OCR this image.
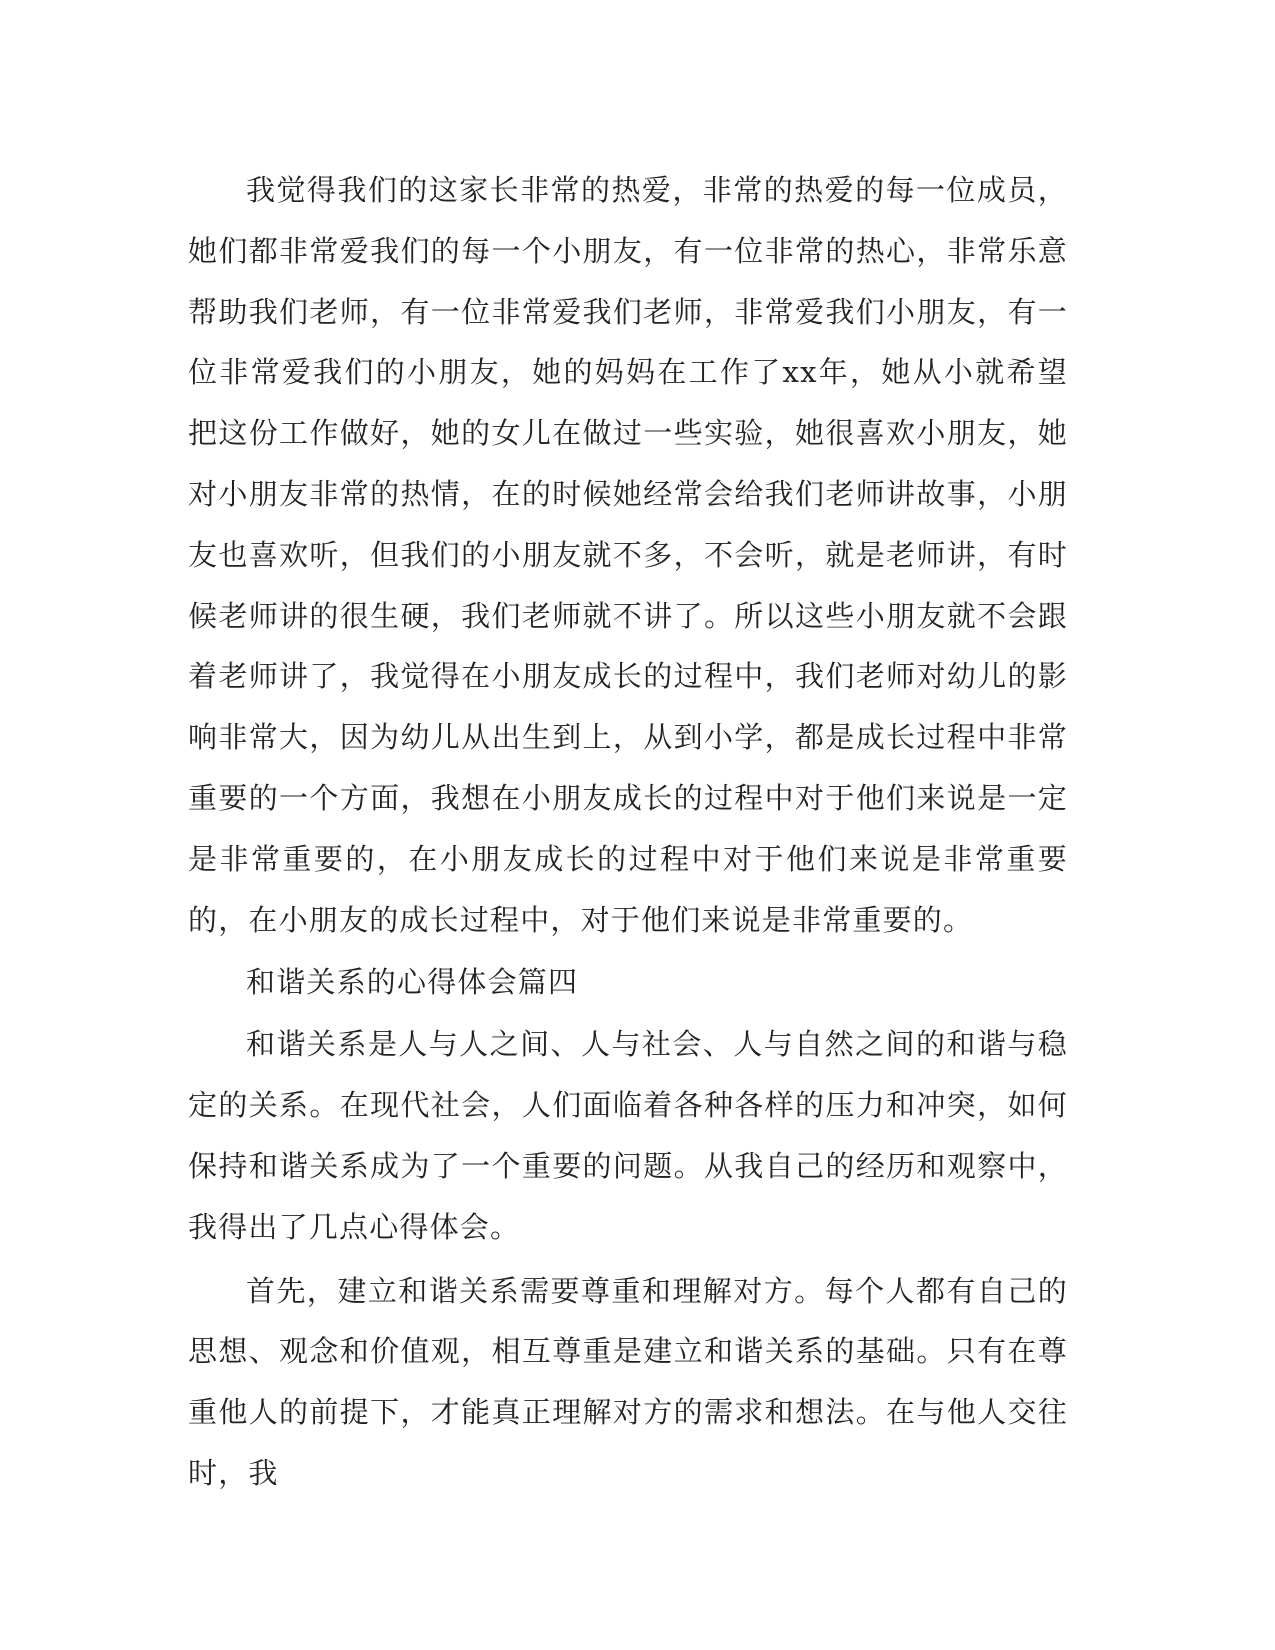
我觉得我们的这家长非常的热爱，非常的热爱的每一位成员，她们都非常爱我们的每一个小朋友，有一位非常的热心，非常乐意帮助我们老师，有一位非常爱我们老师，非常爱我们小朋友，有一位非常爱我们的小朋友，她的妈妈在工作了xx年，她从小就希望把这份工作做好，她的女儿在做过一些实验，她很喜欢小朋友，她对小朋友非常的热情，在的时候她经常会给我们老师讲故事，小朋友也喜欢听，但我们的小朋友就不多，不会听，就是老师讲，有时候老师讲的很生硬，我们老师就不讲了。所以这些小朋友就不会跟着老师讲了，我觉得在小朋友成长的过程中，我们老师对幼儿的影响非常大，因为幼儿从出生到上，从到小学，都是成长过程中非常重要的一个方面，我想在小朋友成长的过程中对于他们来说是一定是非常重要的，在小朋友成长的过程中对于他们来说是非常重要的，在小朋友的成长过程中，对于他们来说是非常重要的。

和谐关系的心得体会篇四

和谐关系是人与人之间、人与社会、人与自然之间的和谐与稳定的关系。在现代社会，人们面临着各种各样的压力和冲突，如何保持和谐关系成为了一个重要的问题。从我自己的经历和观察中，我得出了几点心得体会。

首先，建立和谐关系需要尊重和理解对方。每个人都有自己的思想、观念和价值观，相互尊重是建立和谐关系的基础。只有在尊重他人的前提下，才能真正理解对方的需求和想法。在与他人交往时，我
